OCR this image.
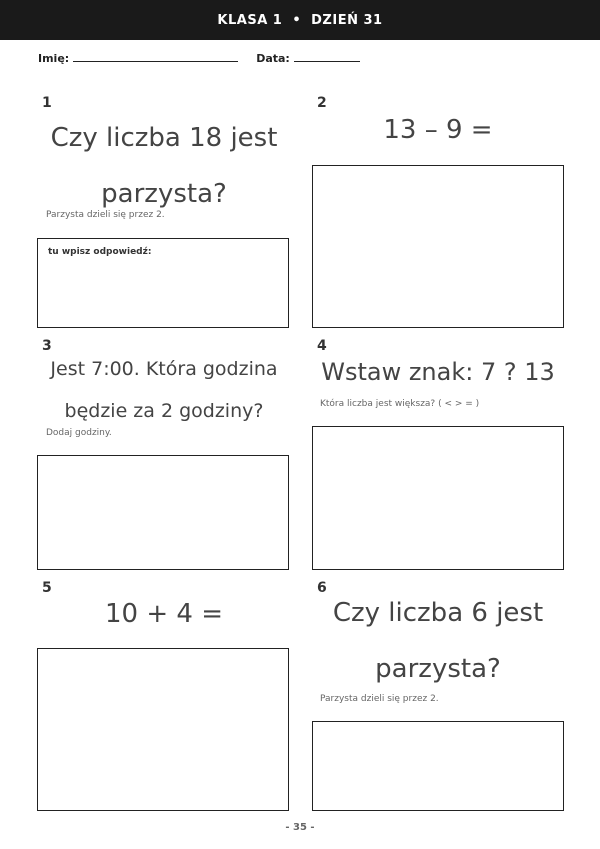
KLASA 1 • DZIEŃ 31
Imię:	Data:
1
Czy liczba 18 jest
parzysta?
Parzysta dzieli się przez 2.
tu wpisz odpowiedź:
2
13 – 9 =
3
Jest 7:00. Która godzina
będzie za 2 godziny?
Dodaj godziny.
4
Wstaw znak: 7 ? 13
Która liczba jest większa? ( < > = )
5
10 + 4 =
6
Czy liczba 6 jest
parzysta?
Parzysta dzieli się przez 2.
- 35 -
